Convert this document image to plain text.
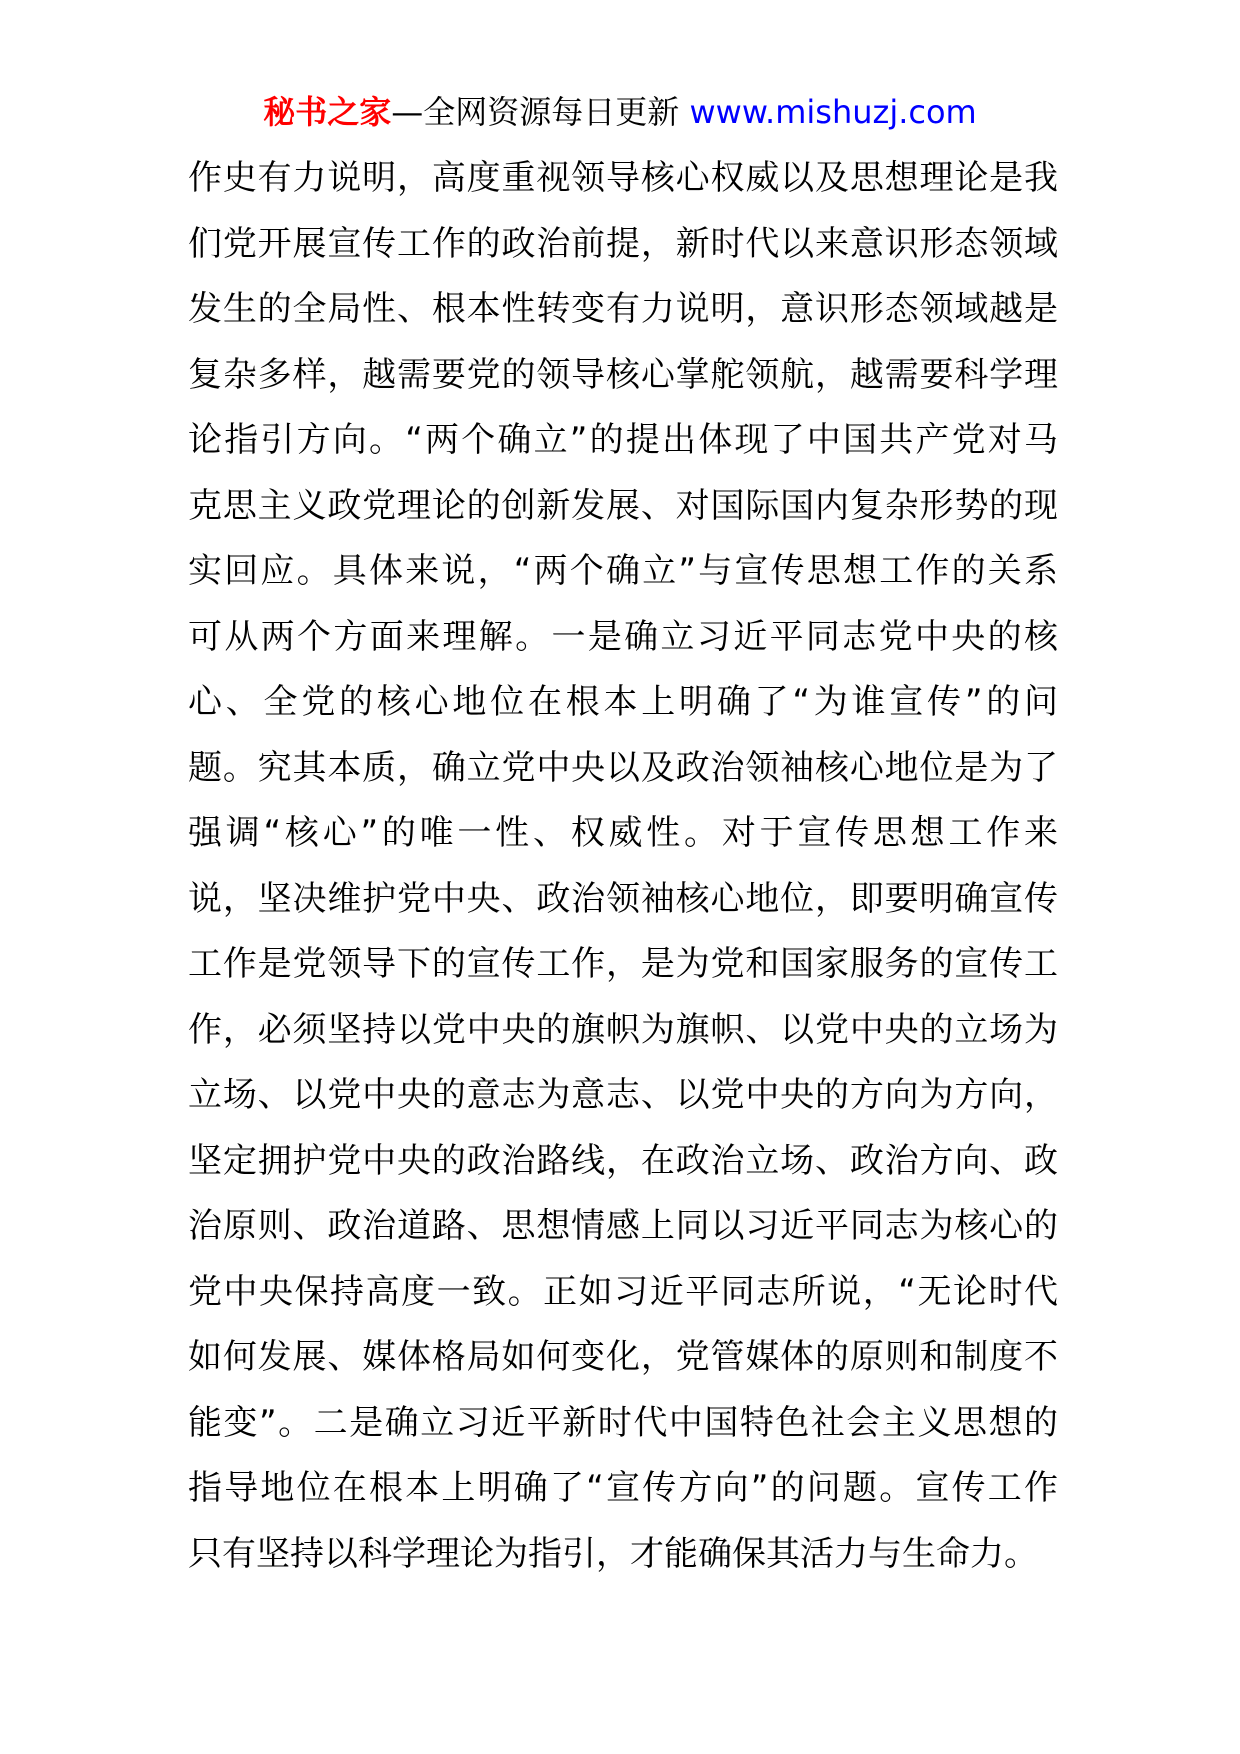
秘书之家—全网资源每日更新 www.mishuzj.com
作史有力说明，高度重视领导核心权威以及思想理论是我
们党开展宣传工作的政治前提，新时代以来意识形态领域
发生的全局性、根本性转变有力说明，意识形态领域越是
复杂多样，越需要党的领导核心掌舵领航，越需要科学理
论指引方向。“两个确立”的提出体现了中国共产党对马
克思主义政党理论的创新发展、对国际国内复杂形势的现
实回应。具体来说，“两个确立”与宣传思想工作的关系
可从两个方面来理解。一是确立习近平同志党中央的核
心、全党的核心地位在根本上明确了“为谁宣传”的问
题。究其本质，确立党中央以及政治领袖核心地位是为了
强调“核心”的唯一性、权威性。对于宣传思想工作来
说，坚决维护党中央、政治领袖核心地位，即要明确宣传
工作是党领导下的宣传工作，是为党和国家服务的宣传工
作，必须坚持以党中央的旗帜为旗帜、以党中央的立场为
立场、以党中央的意志为意志、以党中央的方向为方向，
坚定拥护党中央的政治路线，在政治立场、政治方向、政
治原则、政治道路、思想情感上同以习近平同志为核心的
党中央保持高度一致。正如习近平同志所说，“无论时代
如何发展、媒体格局如何变化，党管媒体的原则和制度不
能变”。二是确立习近平新时代中国特色社会主义思想的
指导地位在根本上明确了“宣传方向”的问题。宣传工作
只有坚持以科学理论为指引，才能确保其活力与生命力。
